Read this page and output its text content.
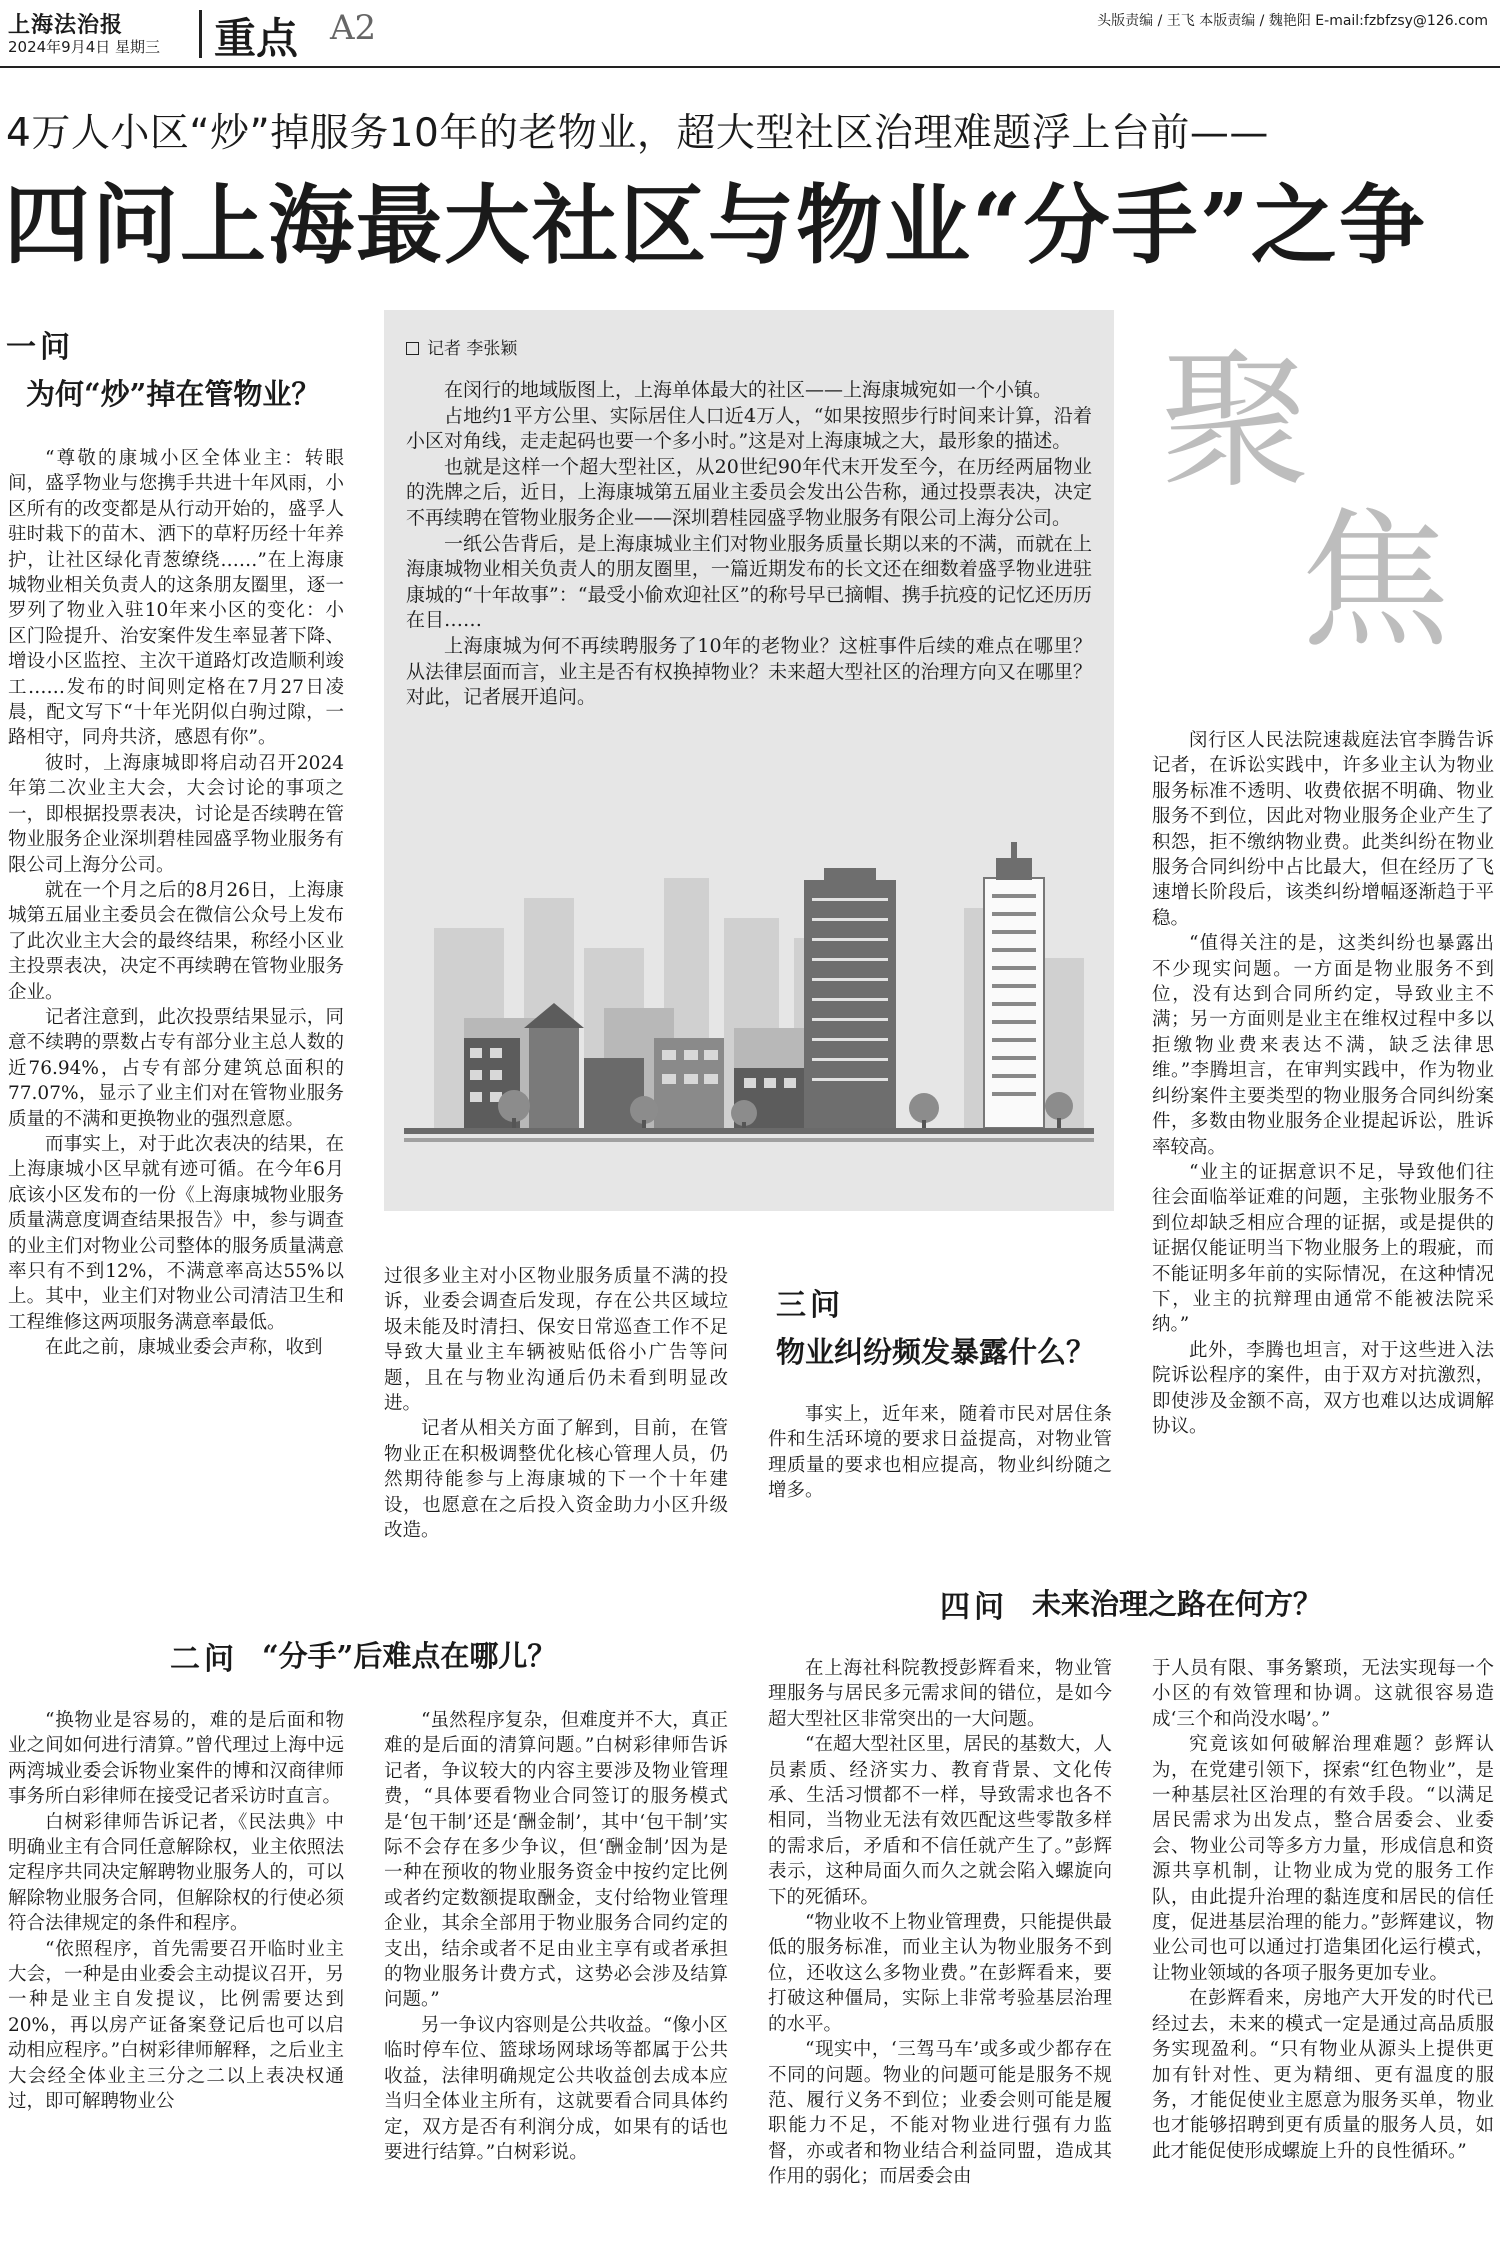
上海法治报
2024年9月4日 星期三 重点 A2	头版责编 / 王飞 本版责编 / 魏艳阳 E-mail:fzbfzsy@126.com
4万人小区“炒”掉服务10年的老物业，超大型社区治理难题浮上台前——
四问上海最大社区与物业“分手”之争
聚
焦
一问
为何“炒”掉在管物业？

“尊敬的康城小区全体业主：转眼间，盛孚物业与您携手共进十年风雨，小区所有的改变都是从行动开始的，盛孚人驻时栽下的苗木、洒下的草籽历经十年养护，让社区绿化青葱缭绕……”在上海康城物业相关负责人的这条朋友圈里，逐一罗列了物业入驻10年来小区的变化：小区门险提升、治安案件发生率显著下降、增设小区监控、主次干道路灯改造顺利竣工……发布的时间则定格在7月27日凌晨，配文写下“十年光阴似白驹过隙，一路相守，同舟共济，感恩有你”。

彼时，上海康城即将启动召开2024年第二次业主大会，大会讨论的事项之一，即根据投票表决，讨论是否续聘在管物业服务企业深圳碧桂园盛孚物业服务有限公司上海分公司。

就在一个月之后的8月26日，上海康城第五届业主委员会在微信公众号上发布了此次业主大会的最终结果，称经小区业主投票表决，决定不再续聘在管物业服务企业。

记者注意到，此次投票结果显示，同意不续聘的票数占专有部分业主总人数的近76.94%，占专有部分建筑总面积的77.07%，显示了业主们对在管物业服务质量的不满和更换物业的强烈意愿。

而事实上，对于此次表决的结果，在上海康城小区早就有迹可循。在今年6月底该小区发布的一份《上海康城物业服务质量满意度调查结果报告》中，参与调查的业主们对物业公司整体的服务质量满意率只有不到12%，不满意率高达55%以上。其中，业主们对物业公司清洁卫生和工程维修这两项服务满意率最低。

在此之前，康城业委会声称，收到

过很多业主对小区物业服务质量不满的投诉，业委会调查后发现，存在公共区域垃圾未能及时清扫、保安日常巡查工作不足导致大量业主车辆被贴低俗小广告等问题，且在与物业沟通后仍未看到明显改进。

记者从相关方面了解到，目前，在管物业正在积极调整优化核心管理人员，仍然期待能参与上海康城的下一个十年建设，也愿意在之后投入资金助力小区升级改造。

记者 李张颖

在闵行的地域版图上，上海单体最大的社区——上海康城宛如一个小镇。

占地约1平方公里、实际居住人口近4万人，“如果按照步行时间来计算，沿着小区对角线，走走起码也要一个多小时。”这是对上海康城之大，最形象的描述。

也就是这样一个超大型社区，从20世纪90年代末开发至今，在历经两届物业的洗牌之后，近日，上海康城第五届业主委员会发出公告称，通过投票表决，决定不再续聘在管物业服务企业——深圳碧桂园盛孚物业服务有限公司上海分公司。

一纸公告背后，是上海康城业主们对物业服务质量长期以来的不满，而就在上海康城物业相关负责人的朋友圈里，一篇近期发布的长文还在细数着盛孚物业进驻康城的“十年故事”：“最受小偷欢迎社区”的称号早已摘帽、携手抗疫的记忆还历历在目……

上海康城为何不再续聘服务了10年的老物业？这桩事件后续的难点在哪里？从法律层面而言，业主是否有权换掉物业？未来超大型社区的治理方向又在哪里？对此，记者展开追问。

三问
物业纠纷频发暴露什么？

事实上，近年来，随着市民对居住条件和生活环境的要求日益提高，对物业管理质量的要求也相应提高，物业纠纷随之增多。

闵行区人民法院速裁庭法官李腾告诉记者，在诉讼实践中，许多业主认为物业服务标准不透明、收费依据不明确、物业服务不到位，因此对物业服务企业产生了积怨，拒不缴纳物业费。此类纠纷在物业服务合同纠纷中占比最大，但在经历了飞速增长阶段后，该类纠纷增幅逐渐趋于平稳。

“值得关注的是，这类纠纷也暴露出不少现实问题。一方面是物业服务不到位，没有达到合同所约定，导致业主不满；另一方面则是业主在维权过程中多以拒缴物业费来表达不满，缺乏法律思维。”李腾坦言，在审判实践中，作为物业纠纷案件主要类型的物业服务合同纠纷案件，多数由物业服务企业提起诉讼，胜诉率较高。

“业主的证据意识不足，导致他们往往会面临举证难的问题，主张物业服务不到位却缺乏相应合理的证据，或是提供的证据仅能证明当下物业服务上的瑕疵，而不能证明多年前的实际情况，在这种情况下，业主的抗辩理由通常不能被法院采纳。”

此外，李腾也坦言，对于这些进入法院诉讼程序的案件，由于双方对抗激烈，即使涉及金额不高，双方也难以达成调解协议。

四问 未来治理之路在何方？

在上海社科院教授彭辉看来，物业管理服务与居民多元需求间的错位，是如今超大型社区非常突出的一大问题。

“在超大型社区里，居民的基数大，人员素质、经济实力、教育背景、文化传承、生活习惯都不一样，导致需求也各不相同，当物业无法有效匹配这些零散多样的需求后，矛盾和不信任就产生了。”彭辉表示，这种局面久而久之就会陷入螺旋向下的死循环。

“物业收不上物业管理费，只能提供最低的服务标准，而业主认为物业服务不到位，还收这么多物业费。”在彭辉看来，要打破这种僵局，实际上非常考验基层治理的水平。

“现实中，‘三驾马车’或多或少都存在不同的问题。物业的问题可能是服务不规范、履行义务不到位；业委会则可能是履职能力不足，不能对物业进行强有力监督，亦或者和物业结合利益同盟，造成其作用的弱化；而居委会由

于人员有限、事务繁琐，无法实现每一个小区的有效管理和协调。这就很容易造成‘三个和尚没水喝’。”

究竟该如何破解治理难题？彭辉认为，在党建引领下，探索“红色物业”，是一种基层社区治理的有效手段。“以满足居民需求为出发点，整合居委会、业委会、物业公司等多方力量，形成信息和资源共享机制，让物业成为党的服务工作队，由此提升治理的黏连度和居民的信任度，促进基层治理的能力。”彭辉建议，物业公司也可以通过打造集团化运行模式，让物业领域的各项子服务更加专业。

在彭辉看来，房地产大开发的时代已经过去，未来的模式一定是通过高品质服务实现盈利。“只有物业从源头上提供更加有针对性、更为精细、更有温度的服务，才能促使业主愿意为服务买单，物业也才能够招聘到更有质量的服务人员，如此才能促使形成螺旋上升的良性循环。”

二问 “分手”后难点在哪儿？

“换物业是容易的，难的是后面和物业之间如何进行清算。”曾代理过上海中远两湾城业委会诉物业案件的博和汉商律师事务所白彩律师在接受记者采访时直言。

白树彩律师告诉记者，《民法典》中明确业主有合同任意解除权，业主依照法定程序共同决定解聘物业服务人的，可以解除物业服务合同，但解除权的行使必须符合法律规定的条件和程序。

“依照程序，首先需要召开临时业主大会，一种是由业委会主动提议召开，另一种是业主自发提议，比例需要达到20%，再以房产证备案登记后也可以启动相应程序。”白树彩律师解释，之后业主大会经全体业主三分之二以上表决权通过，即可解聘物业公

“虽然程序复杂，但难度并不大，真正难的是后面的清算问题。”白树彩律师告诉记者，争议较大的内容主要涉及物业管理费，“具体要看物业合同签订的服务模式是‘包干制’还是‘酬金制’，其中‘包干制’实际不会存在多少争议，但‘酬金制’因为是一种在预收的物业服务资金中按约定比例或者约定数额提取酬金，支付给物业管理企业，其余全部用于物业服务合同约定的支出，结余或者不足由业主享有或者承担的物业服务计费方式，这势必会涉及结算问题。”

另一争议内容则是公共收益。“像小区临时停车位、篮球场网球场等都属于公共收益，法律明确规定公共收益创去成本应当归全体业主所有，这就要看合同具体约定，双方是否有利润分成，如果有的话也要进行结算。”白树彩说。
